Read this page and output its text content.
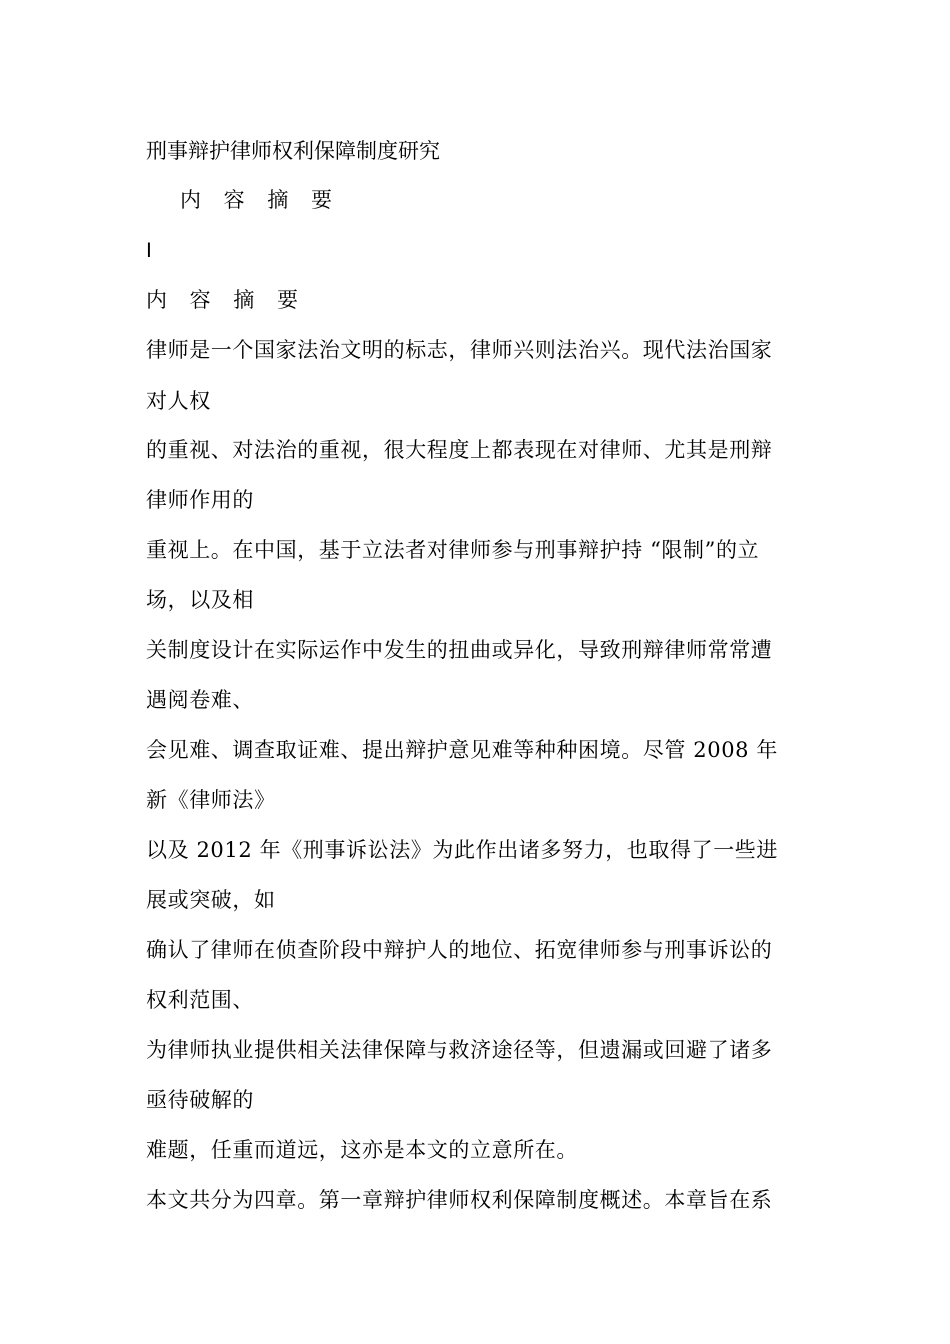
刑事辩护律师权利保障制度研究
内 容 摘 要
I
内 容 摘 要
律师是一个国家法治文明的标志，律师兴则法治兴。现代法治国家
对人权
的重视、对法治的重视，很大程度上都表现在对律师、尤其是刑辩
律师作用的
重视上。在中国，基于立法者对律师参与刑事辩护持 “限制”的立
场，以及相
关制度设计在实际运作中发生的扭曲或异化，导致刑辩律师常常遭
遇阅卷难、
会见难、调查取证难、提出辩护意见难等种种困境。尽管 2008 年
新《律师法》
以及 2012 年《刑事诉讼法》为此作出诸多努力，也取得了一些进
展或突破，如
确认了律师在侦查阶段中辩护人的地位、拓宽律师参与刑事诉讼的
权利范围、
为律师执业提供相关法律保障与救济途径等，但遗漏或回避了诸多
亟待破解的
难题，任重而道远，这亦是本文的立意所在。
本文共分为四章。第一章辩护律师权利保障制度概述。本章旨在系
